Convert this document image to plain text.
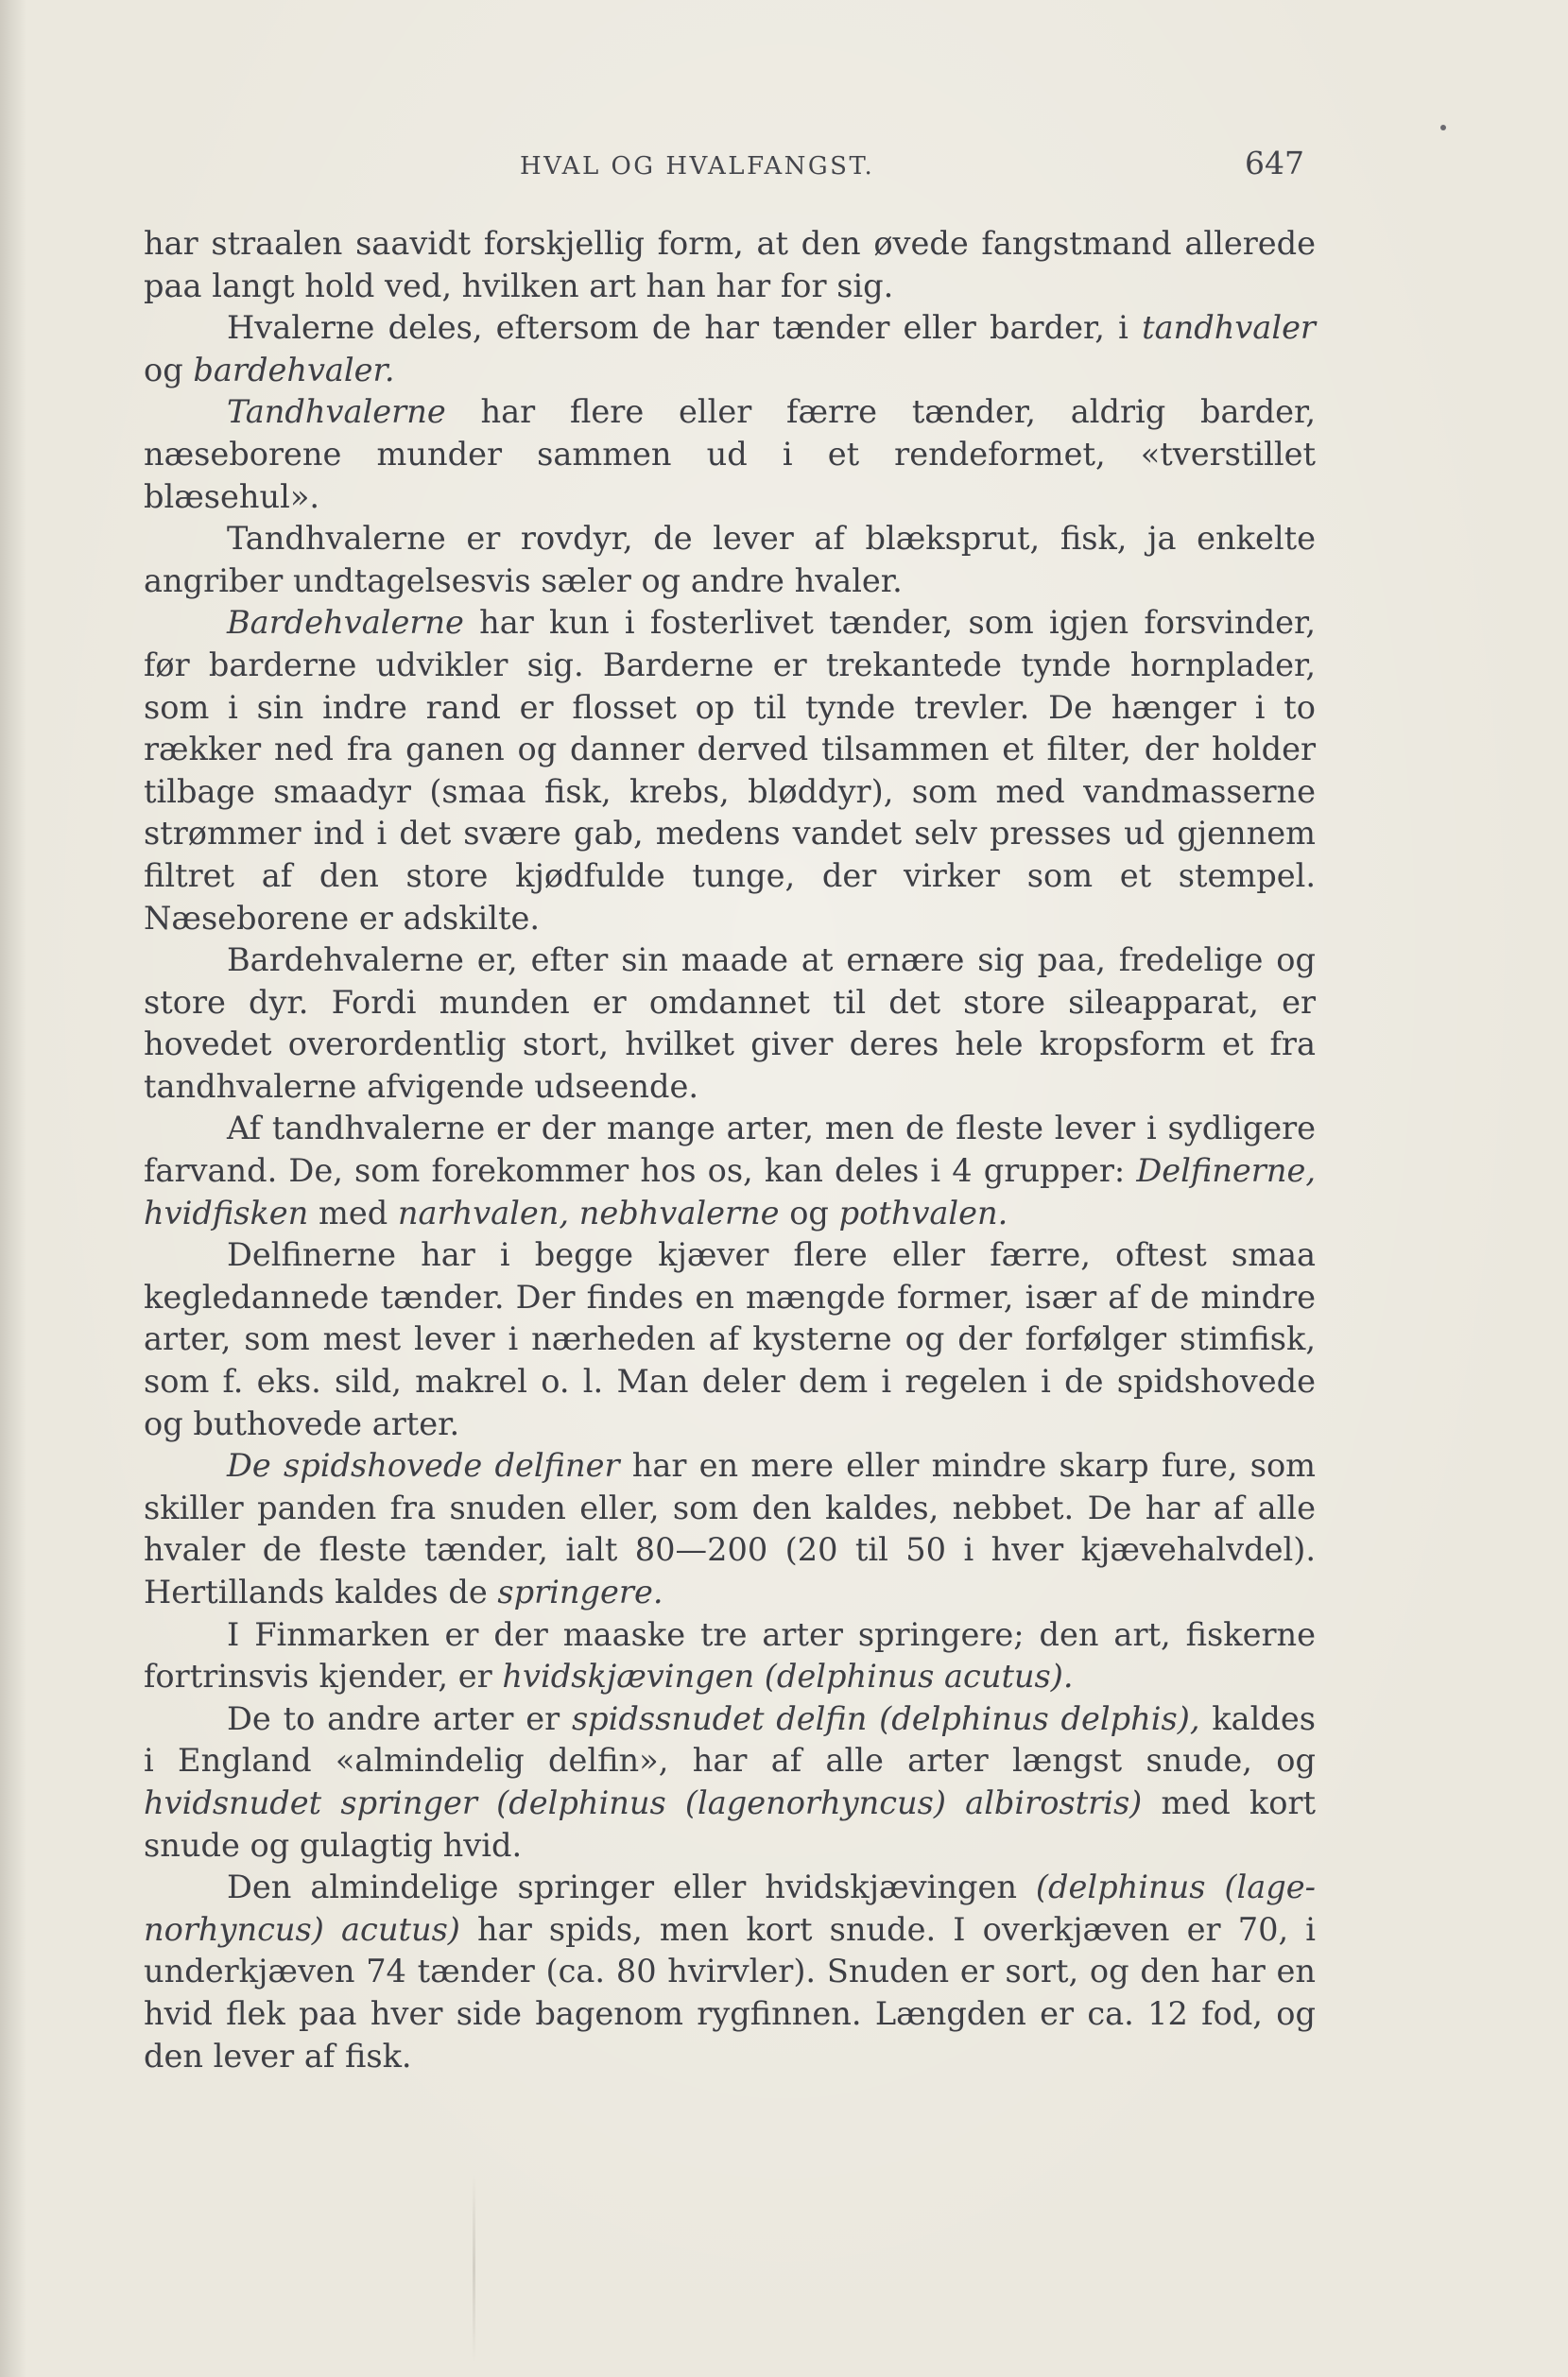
HVAL OG HVALFANGST.	647

har straalen saavidt forskjellig form, at den øvede fangstmand allerede paa langt hold ved, hvilken art han har for sig.

Hvalerne deles, eftersom de har tænder eller barder, i tandhvaler og bardehvaler.

Tandhvalerne har flere eller færre tænder, aldrig barder, næseborene munder sammen ud i et rendeformet, «tverstillet blæsehul».

Tandhvalerne er rovdyr, de lever af blæksprut, fisk, ja enkelte angriber undtagelsesvis sæler og andre hvaler.

Bardehvalerne har kun i fosterlivet tænder, som igjen forsvinder, før barderne udvikler sig. Barderne er trekantede tynde hornplader, som i sin indre rand er flosset op til tynde trevler. De hænger i to rækker ned fra ganen og danner derved tilsammen et filter, der holder tilbage smaadyr (smaa fisk, krebs, bløddyr), som med vandmasserne strømmer ind i det svære gab, medens vandet selv presses ud gjennem filtret af den store kjødfulde tunge, der virker som et stempel. Næseborene er adskilte.

Bardehvalerne er, efter sin maade at ernære sig paa, fredelige og store dyr. Fordi munden er omdannet til det store sileapparat, er hovedet overordentlig stort, hvilket giver deres hele kropsform et fra tandhvalerne afvigende udseende.

Af tandhvalerne er der mange arter, men de fleste lever i sydligere farvand. De, som forekommer hos os, kan deles i 4 grupper: Delfinerne, hvidfisken med narhvalen, nebhvalerne og pothvalen.

Delfinerne har i begge kjæver flere eller færre, oftest smaa kegledannede tænder. Der findes en mængde former, især af de mindre arter, som mest lever i nærheden af kysterne og der forfølger stimfisk, som f. eks. sild, makrel o. l. Man deler dem i regelen i de spidshovede og buthovede arter.

De spidshovede delfiner har en mere eller mindre skarp fure, som skiller panden fra snuden eller, som den kaldes, nebbet. De har af alle hvaler de fleste tænder, ialt 80—200 (20 til 50 i hver kjævehalvdel). Hertillands kaldes de springere.

I Finmarken er der maaske tre arter springere; den art, fiskerne fortrinsvis kjender, er hvidskjævingen (delphinus acutus).

De to andre arter er spidssnudet delfin (delphinus delphis), kaldes i England «almindelig delfin», har af alle arter længst snude, og hvidsnudet springer (delphinus (lagenorhyncus) albirostris) med kort snude og gulagtig hvid.

Den almindelige springer eller hvidskjævingen (delphinus (lagenorhyncus) acutus) har spids, men kort snude. I overkjæven er 70, i underkjæven 74 tænder (ca. 80 hvirvler). Snuden er sort, og den har en hvid flek paa hver side bagenom rygfinnen. Længden er ca. 12 fod, og den lever af fisk.
